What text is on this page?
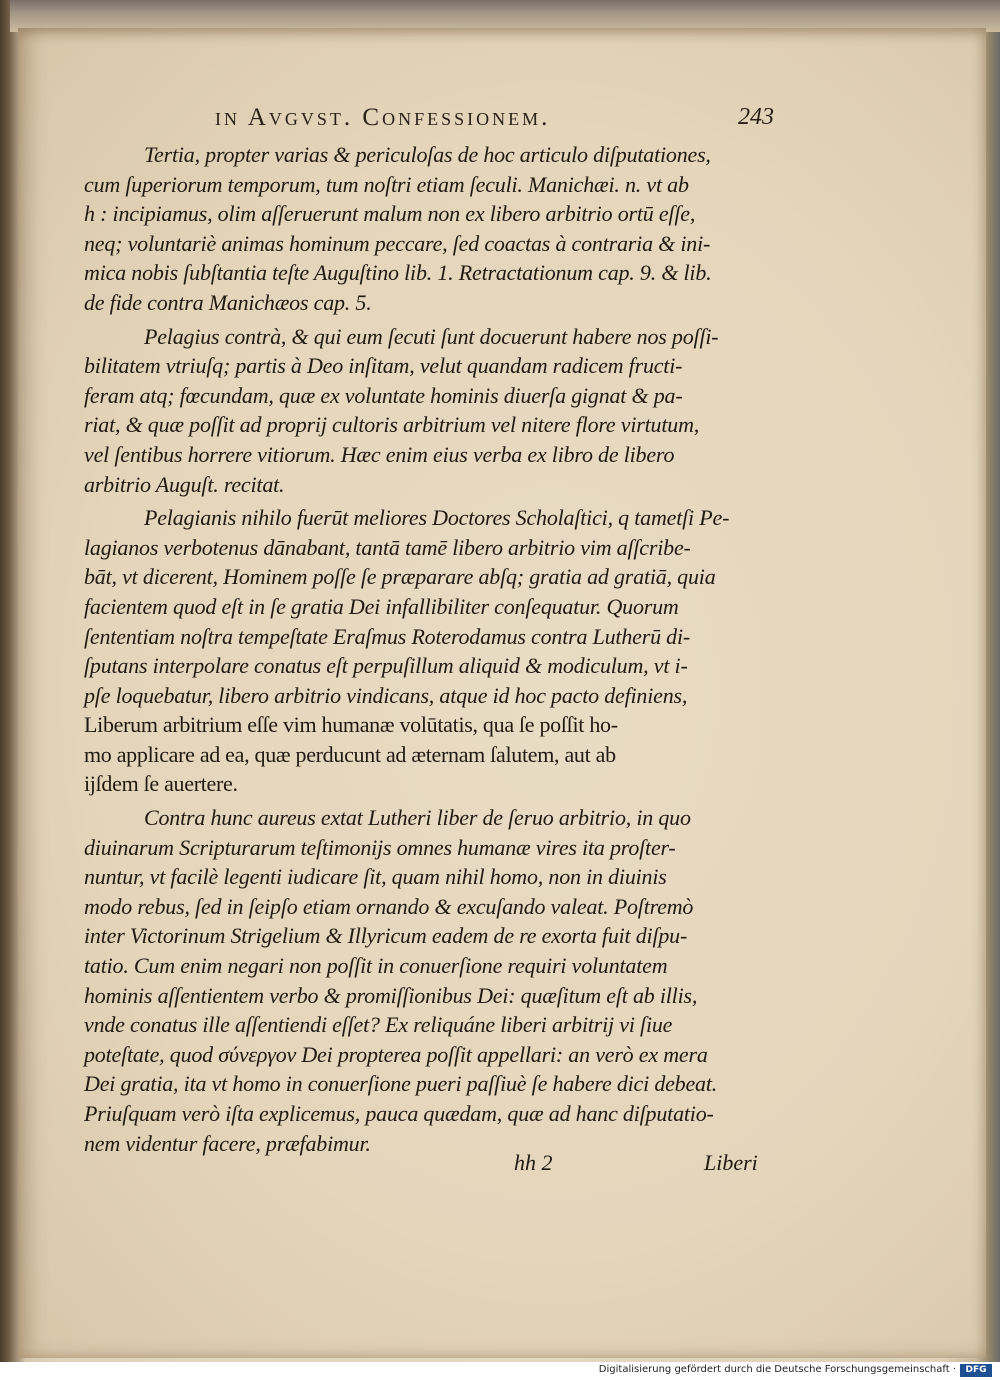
in Avgvst. Confessionem.	243
Tertia, propter varias & periculoſas de hoc articulo diſputationes,
cum ſuperiorum temporum, tum noſtri etiam ſeculi. Manichæi. n. vt ab
h : incipiamus, olim aſſeruerunt malum non ex libero arbitrio ortū eſſe,
neq; voluntariè animas hominum peccare, ſed coactas à contraria & ini-
mica nobis ſubſtantia teſte Auguſtino lib. 1. Retractationum cap. 9. & lib.
de fide contra Manichæos cap. 5.
Pelagius contrà, & qui eum ſecuti ſunt docuerunt habere nos poſſi-
bilitatem vtriuſq; partis à Deo inſitam, velut quandam radicem fructi-
feram atq; fœcundam, quæ ex voluntate hominis diuerſa gignat & pa-
riat, & quæ poſſit ad proprij cultoris arbitrium vel nitere flore virtutum,
vel ſentibus horrere vitiorum. Hæc enim eius verba ex libro de libero
arbitrio Auguſt. recitat.
Pelagianis nihilo fuerūt meliores Doctores Scholaſtici, q tametſi Pe-
lagianos verbotenus dānabant, tantā tamē libero arbitrio vim aſſcribe-
bāt, vt dicerent, Hominem poſſe ſe præparare abſq; gratia ad gratiā, quia
facientem quod eſt in ſe gratia Dei infallibiliter conſequatur. Quorum
ſententiam noſtra tempeſtate Eraſmus Roterodamus contra Lutherū di-
ſputans interpolare conatus eſt perpuſillum aliquid & modiculum, vt i-
pſe loquebatur, libero arbitrio vindicans, atque id hoc pacto definiens,
Liberum arbitrium eſſe vim humanæ volūtatis, qua ſe poſſit ho-
mo applicare ad ea, quæ perducunt ad æternam ſalutem, aut ab
ijſdem ſe auertere.
Contra hunc aureus extat Lutheri liber de ſeruo arbitrio, in quo
diuinarum Scripturarum teſtimonijs omnes humanæ vires ita proſter-
nuntur, vt facilè legenti iudicare ſit, quam nihil homo, non in diuinis
modo rebus, ſed in ſeipſo etiam ornando & excuſando valeat. Poſtremò
inter Victorinum Strigelium & Illyricum eadem de re exorta fuit diſpu-
tatio. Cum enim negari non poſſit in conuerſione requiri voluntatem
hominis aſſentientem verbo & promiſſionibus Dei: quæſitum eſt ab illis,
vnde conatus ille aſſentiendi eſſet? Ex reliquáne liberi arbitrij vi ſiue
poteſtate, quod σύνεργον Dei propterea poſſit appellari: an verò ex mera
Dei gratia, ita vt homo in conuerſione pueri paſſiuè ſe habere dici debeat.
Priuſquam verò iſta explicemus, pauca quædam, quæ ad hanc diſputatio-
nem videntur facere, præfabimur.
hh 2	Liberi
Digitalisierung gefördert durch die Deutsche Forschungsgemeinschaft ·	DFG
